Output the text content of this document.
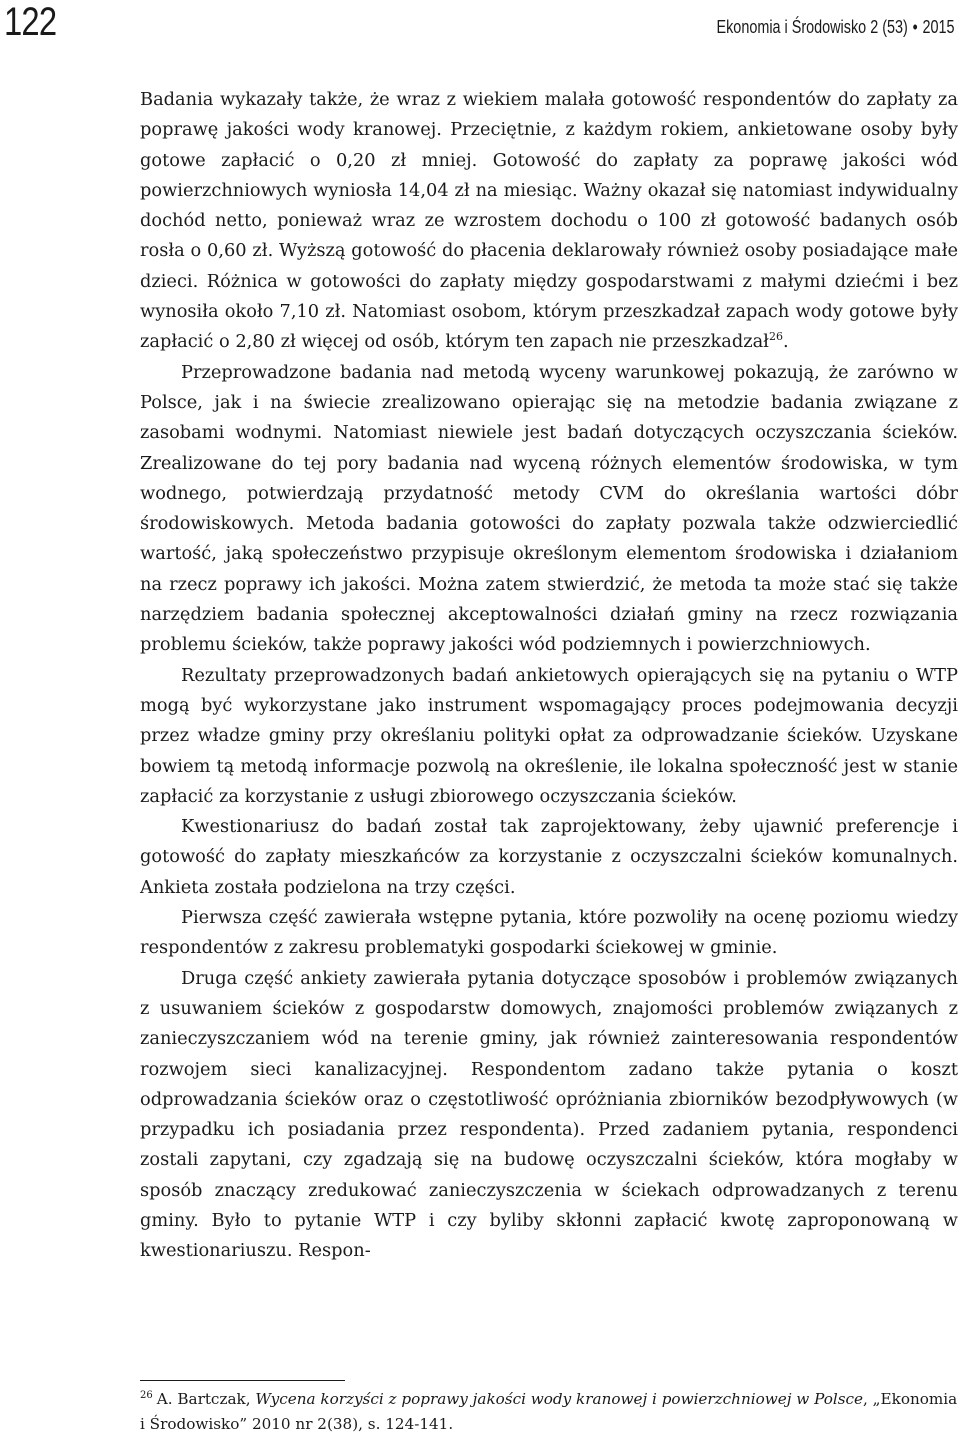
122	Ekonomia i Środowisko 2 (53) • 2015

Badania wykazały także, że wraz z wiekiem malała gotowość respondentów do zapłaty za poprawę jakości wody kranowej. Przeciętnie, z każdym rokiem, ankietowane osoby były gotowe zapłacić o 0,20 zł mniej. Gotowość do zapłaty za poprawę jakości wód powierzchniowych wyniosła 14,04 zł na miesiąc. Ważny okazał się natomiast indywidualny dochód netto, ponieważ wraz ze wzrostem dochodu o 100 zł gotowość badanych osób rosła o 0,60 zł. Wyższą gotowość do płacenia deklarowały również osoby posiadające małe dzieci. Różnica w gotowości do zapłaty między gospodarstwami z małymi dziećmi i bez wynosiła około 7,10 zł. Natomiast osobom, którym przeszkadzał zapach wody gotowe były zapłacić o 2,80 zł więcej od osób, którym ten zapach nie przeszkadzał$^{26}$.

Przeprowadzone badania nad metodą wyceny warunkowej pokazują, że zarówno w Polsce, jak i na świecie zrealizowano opierając się na metodzie badania związane z zasobami wodnymi. Natomiast niewiele jest badań dotyczących oczyszczania ścieków. Zrealizowane do tej pory badania nad wyceną różnych elementów środowiska, w tym wodnego, potwierdzają przydatność metody CVM do określania wartości dóbr środowiskowych. Metoda badania gotowości do zapłaty pozwala także odzwierciedlić wartość, jaką społeczeństwo przypisuje określonym elementom środowiska i działaniom na rzecz poprawy ich jakości. Można zatem stwierdzić, że metoda ta może stać się także narzędziem badania społecznej akceptowalności działań gminy na rzecz rozwiązania problemu ścieków, także poprawy jakości wód podziemnych i powierzchniowych.

Rezultaty przeprowadzonych badań ankietowych opierających się na pytaniu o WTP mogą być wykorzystane jako instrument wspomagający proces podejmowania decyzji przez władze gminy przy określaniu polityki opłat za odprowadzanie ścieków. Uzyskane bowiem tą metodą informacje pozwolą na określenie, ile lokalna społeczność jest w stanie zapłacić za korzystanie z usługi zbiorowego oczyszczania ścieków.

Kwestionariusz do badań został tak zaprojektowany, żeby ujawnić preferencje i gotowość do zapłaty mieszkańców za korzystanie z oczyszczalni ścieków komunalnych. Ankieta została podzielona na trzy części.

Pierwsza część zawierała wstępne pytania, które pozwoliły na ocenę poziomu wiedzy respondentów z zakresu problematyki gospodarki ściekowej w gminie.

Druga część ankiety zawierała pytania dotyczące sposobów i problemów związanych z usuwaniem ścieków z gospodarstw domowych, znajomości problemów związanych z zanieczyszczaniem wód na terenie gminy, jak również zainteresowania respondentów rozwojem sieci kanalizacyjnej. Respondentom zadano także pytania o koszt odprowadzania ścieków oraz o częstotliwość opróżniania zbiorników bezodpływowych (w przypadku ich posiadania przez respondenta). Przed zadaniem pytania, respondenci zostali zapytani, czy zgadzają się na budowę oczyszczalni ścieków, która mogłaby w sposób znaczący zredukować zanieczyszczenia w ściekach odprowadzanych z terenu gminy. Było to pytanie WTP i czy byliby skłonni zapłacić kwotę zaproponowaną w kwestionariuszu. Respon-

$^{26}$ A. Bartczak, Wycena korzyści z poprawy jakości wody kranowej i powierzchniowej w Polsce, „Ekonomia i Środowisko” 2010 nr 2(38), s. 124-141.
